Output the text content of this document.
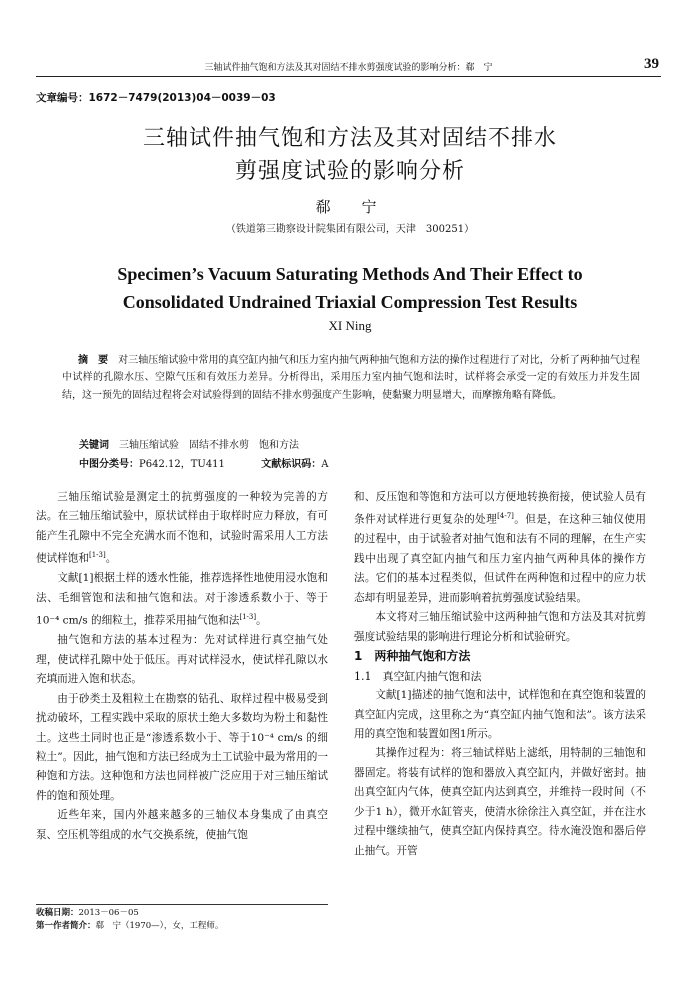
三轴试件抽气饱和方法及其对固结不排水剪强度试验的影响分析：郗　宁	39
文章编号：1672－7479(2013)04－0039－03
三轴试件抽气饱和方法及其对固结不排水
剪强度试验的影响分析
郗　宁
（铁道第三勘察设计院集团有限公司，天津　300251）
Specimen’s Vacuum Saturating Methods And Their Effect to
Consolidated Undrained Triaxial Compression Test Results
XI Ning
摘　要　 对三轴压缩试验中常用的真空缸内抽气和压力室内抽气两种抽气饱和方法的操作过程进行了对比，分析了两种抽气过程中试样的孔隙水压、空隙气压和有效压力差异。分析得出，采用压力室内抽气饱和法时，试样将会承受一定的有效压力并发生固结，这一预先的固结过程将会对试验得到的固结不排水剪强度产生影响，使黏聚力明显增大，而摩擦角略有降低。
关键词　 三轴压缩试验　固结不排水剪　饱和方法
中图分类号：P642.12，TU411	文献标识码：A

三轴压缩试验是测定土的抗剪强度的一种较为完善的方法。在三轴压缩试验中，原状试样由于取样时应力释放，有可能产生孔隙中不完全充满水而不饱和，试验时需采用人工方法使试样饱和[1-3]。

文献[1]根据土样的透水性能，推荐选择性地使用浸水饱和法、毛细管饱和法和抽气饱和法。对于渗透系数小于、等于10⁻⁴ cm/s 的细粒土，推荐采用抽气饱和法[1-3]。

抽气饱和方法的基本过程为：先对试样进行真空抽气处理，使试样孔隙中处于低压。再对试样浸水，使试样孔隙以水充填而进入饱和状态。

由于砂类土及粗粒土在勘察的钻孔、取样过程中极易受到扰动破坏，工程实践中采取的原状土绝大多数均为粉土和黏性土。这些土同时也正是“渗透系数小于、等于10⁻⁴ cm/s 的细粒土”。因此，抽气饱和方法已经成为土工试验中最为常用的一种饱和方法。这种饱和方法也同样被广泛应用于对三轴压缩试件的饱和预处理。

近些年来，国内外越来越多的三轴仪本身集成了由真空泵、空压机等组成的水气交换系统，使抽气饱

和、反压饱和等饱和方法可以方便地转换衔接，使试验人员有条件对试样进行更复杂的处理[4-7]。但是，在这种三轴仪使用的过程中，由于试验者对抽气饱和法有不同的理解，在生产实践中出现了真空缸内抽气和压力室内抽气两种具体的操作方法。它们的基本过程类似，但试件在两种饱和过程中的应力状态却有明显差异，进而影响着抗剪强度试验结果。

本文将对三轴压缩试验中这两种抽气饱和方法及其对抗剪强度试验结果的影响进行理论分析和试验研究。

1　两种抽气饱和方法

1.1　真空缸内抽气饱和法

文献[1]描述的抽气饱和法中，试样饱和在真空饱和装置的真空缸内完成，这里称之为“真空缸内抽气饱和法”。该方法采用的真空饱和装置如图1所示。

其操作过程为：将三轴试样贴上滤纸，用特制的三轴饱和器固定。将装有试样的饱和器放入真空缸内，并做好密封。抽出真空缸内气体，使真空缸内达到真空，并维持一段时间（不少于1 h），微开水缸管夹，使清水徐徐注入真空缸，并在注水过程中继续抽气，使真空缸内保持真空。待水淹没饱和器后停止抽气。开管

收稿日期：2013－06－05
第一作者简介：郗　宁（1970—），女，工程师。
